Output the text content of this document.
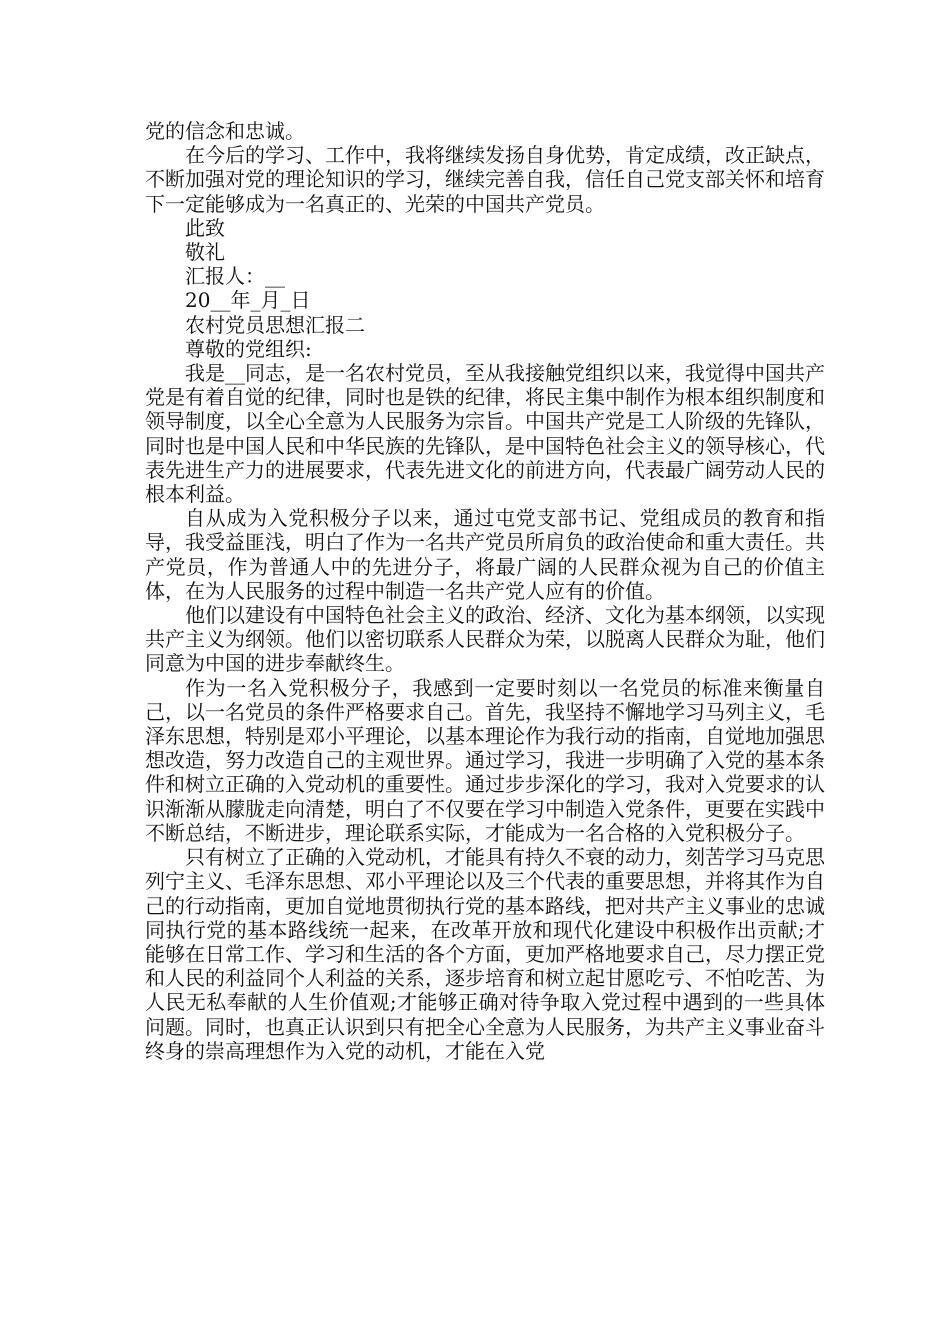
党的信念和忠诚。

在今后的学习、工作中，我将继续发扬自身优势，肯定成绩，改正缺点，不断加强对党的理论知识的学习，继续完善自我，信任自己党支部关怀和培育下一定能够成为一名真正的、光荣的中国共产党员。

此致

敬礼

汇报人：__

20__年_月_日

农村党员思想汇报二

尊敬的党组织:

我是__同志，是一名农村党员，至从我接触党组织以来，我觉得中国共产党是有着自觉的纪律，同时也是铁的纪律，将民主集中制作为根本组织制度和领导制度，以全心全意为人民服务为宗旨。中国共产党是工人阶级的先锋队，同时也是中国人民和中华民族的先锋队，是中国特色社会主义的领导核心，代表先进生产力的进展要求，代表先进文化的前进方向，代表最广阔劳动人民的根本利益。

自从成为入党积极分子以来，通过屯党支部书记、党组成员的教育和指导，我受益匪浅，明白了作为一名共产党员所肩负的政治使命和重大责任。共产党员，作为普通人中的先进分子，将最广阔的人民群众视为自己的价值主体，在为人民服务的过程中制造一名共产党人应有的价值。

他们以建设有中国特色社会主义的政治、经济、文化为基本纲领，以实现共产主义为纲领。他们以密切联系人民群众为荣，以脱离人民群众为耻，他们同意为中国的进步奉献终生。

作为一名入党积极分子，我感到一定要时刻以一名党员的标准来衡量自己，以一名党员的条件严格要求自己。首先，我坚持不懈地学习马列主义，毛泽东思想，特别是邓小平理论，以基本理论作为我行动的指南，自觉地加强思想改造，努力改造自己的主观世界。通过学习，我进一步明确了入党的基本条件和树立正确的入党动机的重要性。通过步步深化的学习，我对入党要求的认识渐渐从朦胧走向清楚，明白了不仅要在学习中制造入党条件，更要在实践中不断总结，不断进步，理论联系实际，才能成为一名合格的入党积极分子。

只有树立了正确的入党动机，才能具有持久不衰的动力，刻苦学习马克思列宁主义、毛泽东思想、邓小平理论以及三个代表的重要思想，并将其作为自己的行动指南，更加自觉地贯彻执行党的基本路线，把对共产主义事业的忠诚同执行党的基本路线统一起来，在改革开放和现代化建设中积极作出贡献;才能够在日常工作、学习和生活的各个方面，更加严格地要求自己，尽力摆正党和人民的利益同个人利益的关系，逐步培育和树立起甘愿吃亏、不怕吃苦、为人民无私奉献的人生价值观;才能够正确对待争取入党过程中遇到的一些具体问题。同时，也真正认识到只有把全心全意为人民服务，为共产主义事业奋斗终身的崇高理想作为入党的动机，才能在入党
